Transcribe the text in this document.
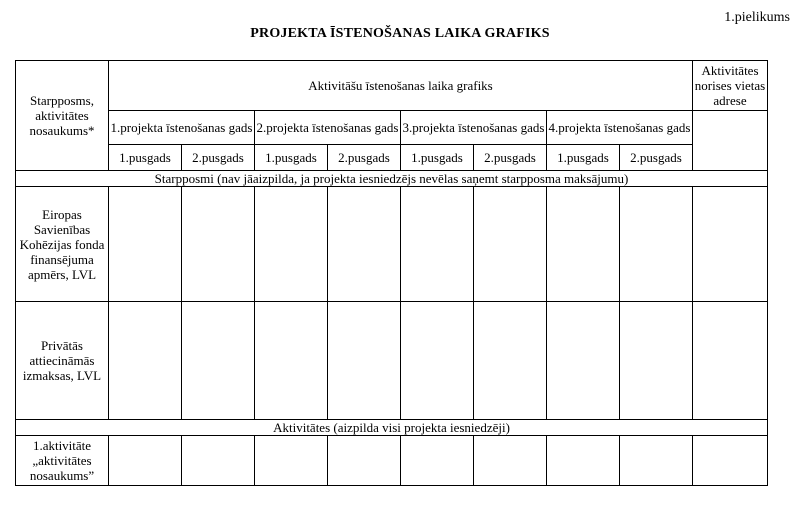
1.pielikums
PROJEKTA ĪSTENOŠANAS LAIKA GRAFIKS
Starpposms, aktivitātes nosaukums*	Aktivitāšu īstenošanas laika grafiks								Aktivitātes norises vietas adrese
	1.projekta īstenošanas gads		2.projekta īstenošanas gads		3.projekta īstenošanas gads		4.projekta īstenošanas gads		
	1.pusgads	2.pusgads	1.pusgads	2.pusgads	1.pusgads	2.pusgads	1.pusgads	2.pusgads	
Starpposmi (nav jāaizpilda, ja projekta iesniedzējs nevēlas saņemt starpposma maksājumu)									
Eiropas Savienības Kohēzijas fonda finansējuma apmērs, LVL									
Privātās attiecināmās izmaksas, LVL									
Aktivitātes (aizpilda visi projekta iesniedzēji)									
1.aktivitāte „aktivitātes nosaukums”									
